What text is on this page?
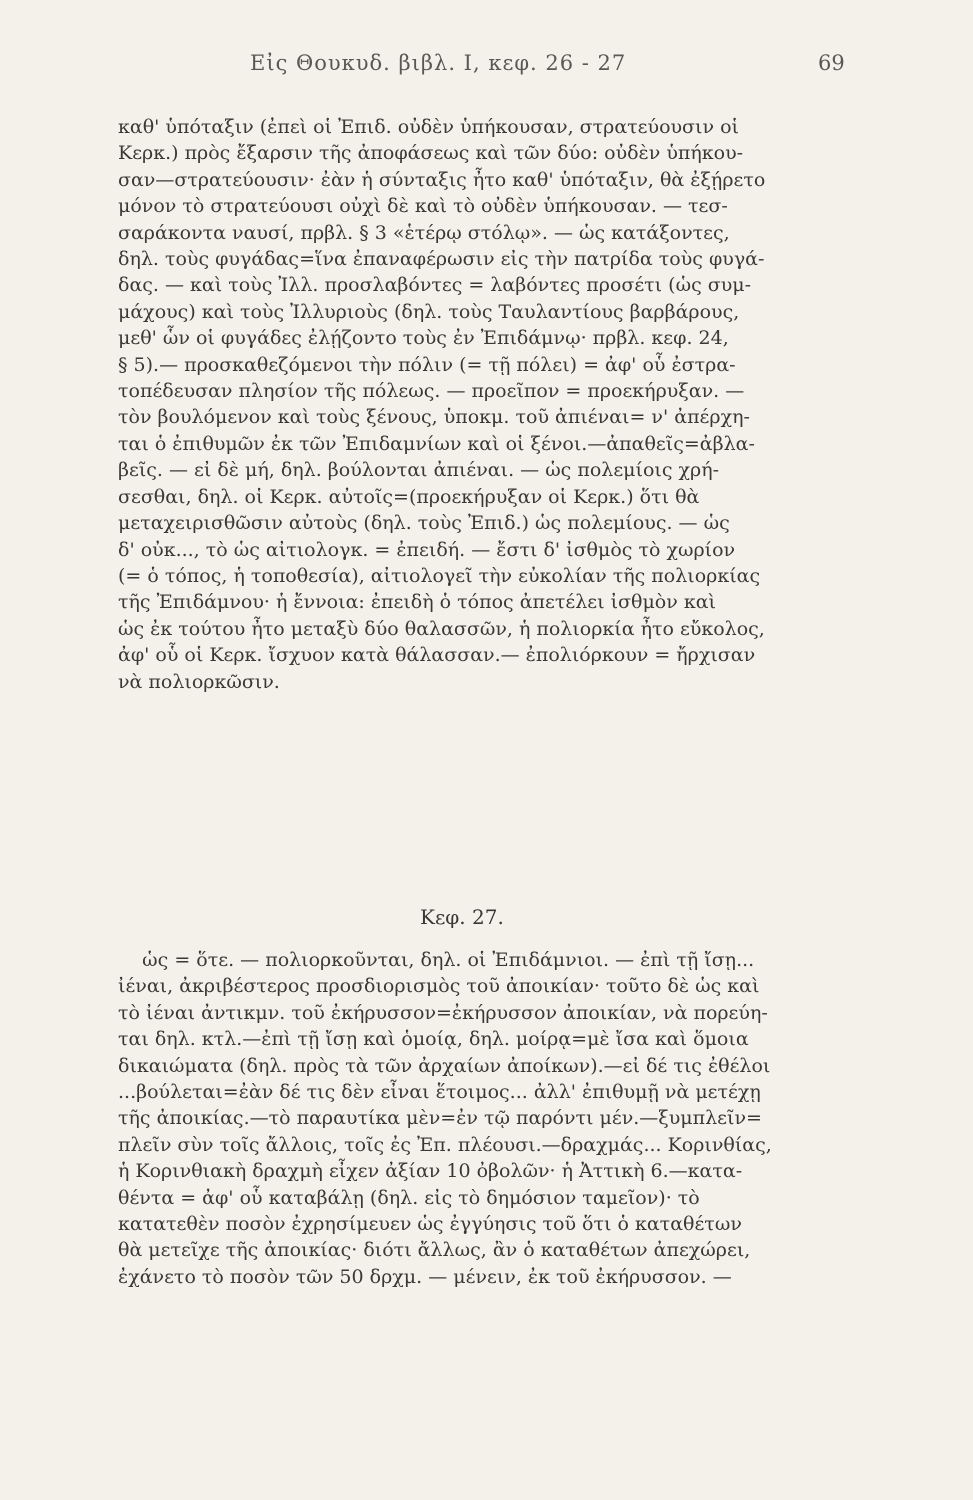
Εἰς Θουκυδ. βιβλ. I, κεφ. 26 - 27	69
καθ' ὑπόταξιν (ἐπεὶ οἱ Ἐπιδ. οὐδὲν ὑπήκουσαν, στρατεύουσιν οἱ
Κερκ.) πρὸς ἔξαρσιν τῆς ἀποφάσεως καὶ τῶν δύο: οὐδὲν ὑπήκου-
σαν—στρατεύουσιν· ἐὰν ἡ σύνταξις ἦτο καθ' ὑπόταξιν, θὰ ἐξῄρετο
μόνον τὸ στρατεύουσι οὐχὶ δὲ καὶ τὸ οὐδὲν ὑπήκουσαν. — τεσ-
σαράκοντα ναυσί, πρβλ. § 3 «ἑτέρῳ στόλῳ». — ὡς κατάξοντες,
δηλ. τοὺς φυγάδας=ἵνα ἐπαναφέρωσιν εἰς τὴν πατρίδα τοὺς φυγά-
δας. — καὶ τοὺς Ἰλλ. προσλαβόντες = λαβόντες προσέτι (ὡς συμ-
μάχους) καὶ τοὺς Ἰλλυριοὺς (δηλ. τοὺς Ταυλαντίους βαρβάρους,
μεθ' ὧν οἱ φυγάδες ἐλῄζοντο τοὺς ἐν Ἐπιδάμνῳ· πρβλ. κεφ. 24,
§ 5).— προσκαθεζόμενοι τὴν πόλιν (= τῇ πόλει) = ἀφ' οὗ ἐστρα-
τοπέδευσαν πλησίον τῆς πόλεως. — προεῖπον = προεκήρυξαν. —
τὸν βουλόμενον καὶ τοὺς ξένους, ὑποκμ. τοῦ ἀπιέναι= ν' ἀπέρχη-
ται ὁ ἐπιθυμῶν ἐκ τῶν Ἐπιδαμνίων καὶ οἱ ξένοι.—ἀπαθεῖς=ἀβλα-
βεῖς. — εἰ δὲ μή, δηλ. βούλονται ἀπιέναι. — ὡς πολεμίοις χρή-
σεσθαι, δηλ. οἱ Κερκ. αὐτοῖς=(προεκήρυξαν οἱ Κερκ.) ὅτι θὰ
μεταχειρισθῶσιν αὐτοὺς (δηλ. τοὺς Ἐπιδ.) ὡς πολεμίους. — ὡς
δ' οὐκ..., τὸ ὡς αἰτιολογκ. = ἐπειδή. — ἔστι δ' ἰσθμὸς τὸ χωρίον
(= ὁ τόπος, ἡ τοποθεσία), αἰτιολογεῖ τὴν εὐκολίαν τῆς πολιορκίας
τῆς Ἐπιδάμνου· ἡ ἔννοια: ἐπειδὴ ὁ τόπος ἀπετέλει ἰσθμὸν καὶ
ὡς ἐκ τούτου ἦτο μεταξὺ δύο θαλασσῶν, ἡ πολιορκία ἦτο εὔκολος,
ἀφ' οὗ οἱ Κερκ. ἴσχυον κατὰ θάλασσαν.— ἐπολιόρκουν = ἤρχισαν
νὰ πολιορκῶσιν.
Κεφ. 27.
ὡς = ὅτε. — πολιορκοῦνται, δηλ. οἱ Ἐπιδάμνιοι. — ἐπὶ τῇ ἴσῃ...
ἰέναι, ἀκριβέστερος προσδιορισμὸς τοῦ ἀποικίαν· τοῦτο δὲ ὡς καὶ
τὸ ἰέναι ἀντικμν. τοῦ ἐκήρυσσον=ἐκήρυσσον ἀποικίαν, νὰ πορεύη-
ται δηλ. κτλ.—ἐπὶ τῇ ἴσῃ καὶ ὁμοίᾳ, δηλ. μοίρᾳ=μὲ ἴσα καὶ ὅμοια
δικαιώματα (δηλ. πρὸς τὰ τῶν ἀρχαίων ἀποίκων).—εἰ δέ τις ἐθέλοι
...βούλεται=ἐὰν δέ τις δὲν εἶναι ἕτοιμος... ἀλλ' ἐπιθυμῇ νὰ μετέχῃ
τῆς ἀποικίας.—τὸ παραυτίκα μὲν=ἐν τῷ παρόντι μέν.—ξυμπλεῖν=
πλεῖν σὺν τοῖς ἄλλοις, τοῖς ἐς Ἐπ. πλέουσι.—δραχμάς... Κορινθίας,
ἡ Κορινθιακὴ δραχμὴ εἶχεν ἀξίαν 10 ὀβολῶν· ἡ Ἀττικὴ 6.—κατα-
θέντα = ἀφ' οὗ καταβάλῃ (δηλ. εἰς τὸ δημόσιον ταμεῖον)· τὸ
κατατεθὲν ποσὸν ἐχρησίμευεν ὡς ἐγγύησις τοῦ ὅτι ὁ καταθέτων
θὰ μετεῖχε τῆς ἀποικίας· διότι ἄλλως, ἂν ὁ καταθέτων ἀπεχώρει,
ἐχάνετο τὸ ποσὸν τῶν 50 δρχμ. — μένειν, ἐκ τοῦ ἐκήρυσσον. —
